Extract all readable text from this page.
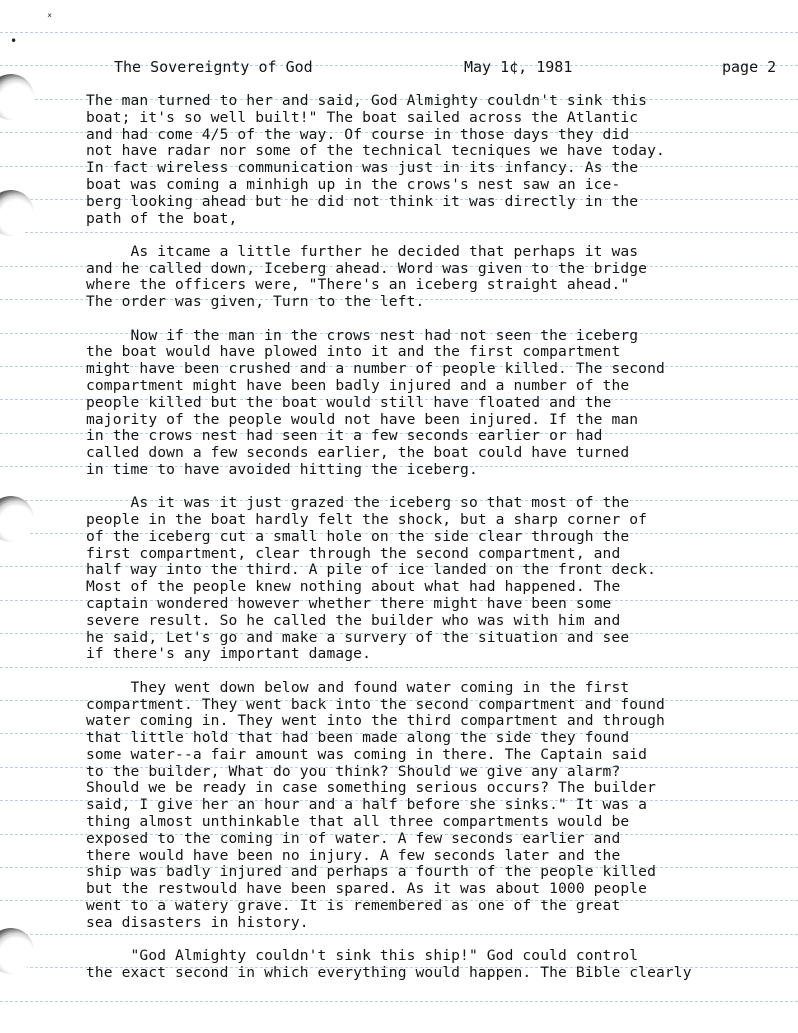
ˣ
•

The Sovereignty of God

	May 1¢, 1981

	page 2

The man turned to her and said, God Almighty couldn't sink this
boat; it's so well built!" The boat sailed across the Atlantic
and had come 4/5 of the way. Of course in those days they did
not have radar nor some of the technical tecniques we have today.
In fact wireless communication was just in its infancy. As the
boat was coming a minhigh up in the crows's nest saw an ice-
berg looking ahead but he did not think it was directly in the
path of the boat,
As itcame a little further he decided that perhaps it was
and he called down, Iceberg ahead. Word was given to the bridge
where the officers were, "There's an iceberg straight ahead."
The order was given, Turn to the left.
Now if the man in the crows nest had not seen the iceberg
the boat would have plowed into it and the first compartment
might have been crushed and a number of people killed. The second
compartment might have been badly injured and a number of the
people killed but the boat would still have floated and the
majority of the people would not have been injured. If the man
in the crows nest had seen it a few seconds earlier or had
called down a few seconds earlier, the boat could have turned
in time to have avoided hitting the iceberg.
As it was it just grazed the iceberg so that most of the
people in the boat hardly felt the shock, but a sharp corner of
of the iceberg cut a small hole on the side clear through the
first compartment, clear through the second compartment, and
half way into the third. A pile of ice landed on the front deck.
Most of the people knew nothing about what had happened. The
captain wondered however whether there might have been some
severe result. So he called the builder who was with him and
he said, Let's go and make a survery of the situation and see
if there's any important damage.
They went down below and found water coming in the first
compartment. They went back into the second compartment and found
water coming in. They went into the third compartment and through
that little hold that had been made along the side they found
some water--a fair amount was coming in there. The Captain said
to the builder, What do you think? Should we give any alarm?
Should we be ready in case something serious occurs? The builder
said, I give her an hour and a half before she sinks." It was a
thing almost unthinkable that all three compartments would be
exposed to the coming in of water. A few seconds earlier and
there would have been no injury. A few seconds later and the
ship was badly injured and perhaps a fourth of the people killed
but the restwould have been spared. As it was about 1000 people
went to a watery grave. It is remembered as one of the great
sea disasters in history.
"God Almighty couldn't sink this ship!" God could control
the exact second in which everything would happen. The Bible clearly
